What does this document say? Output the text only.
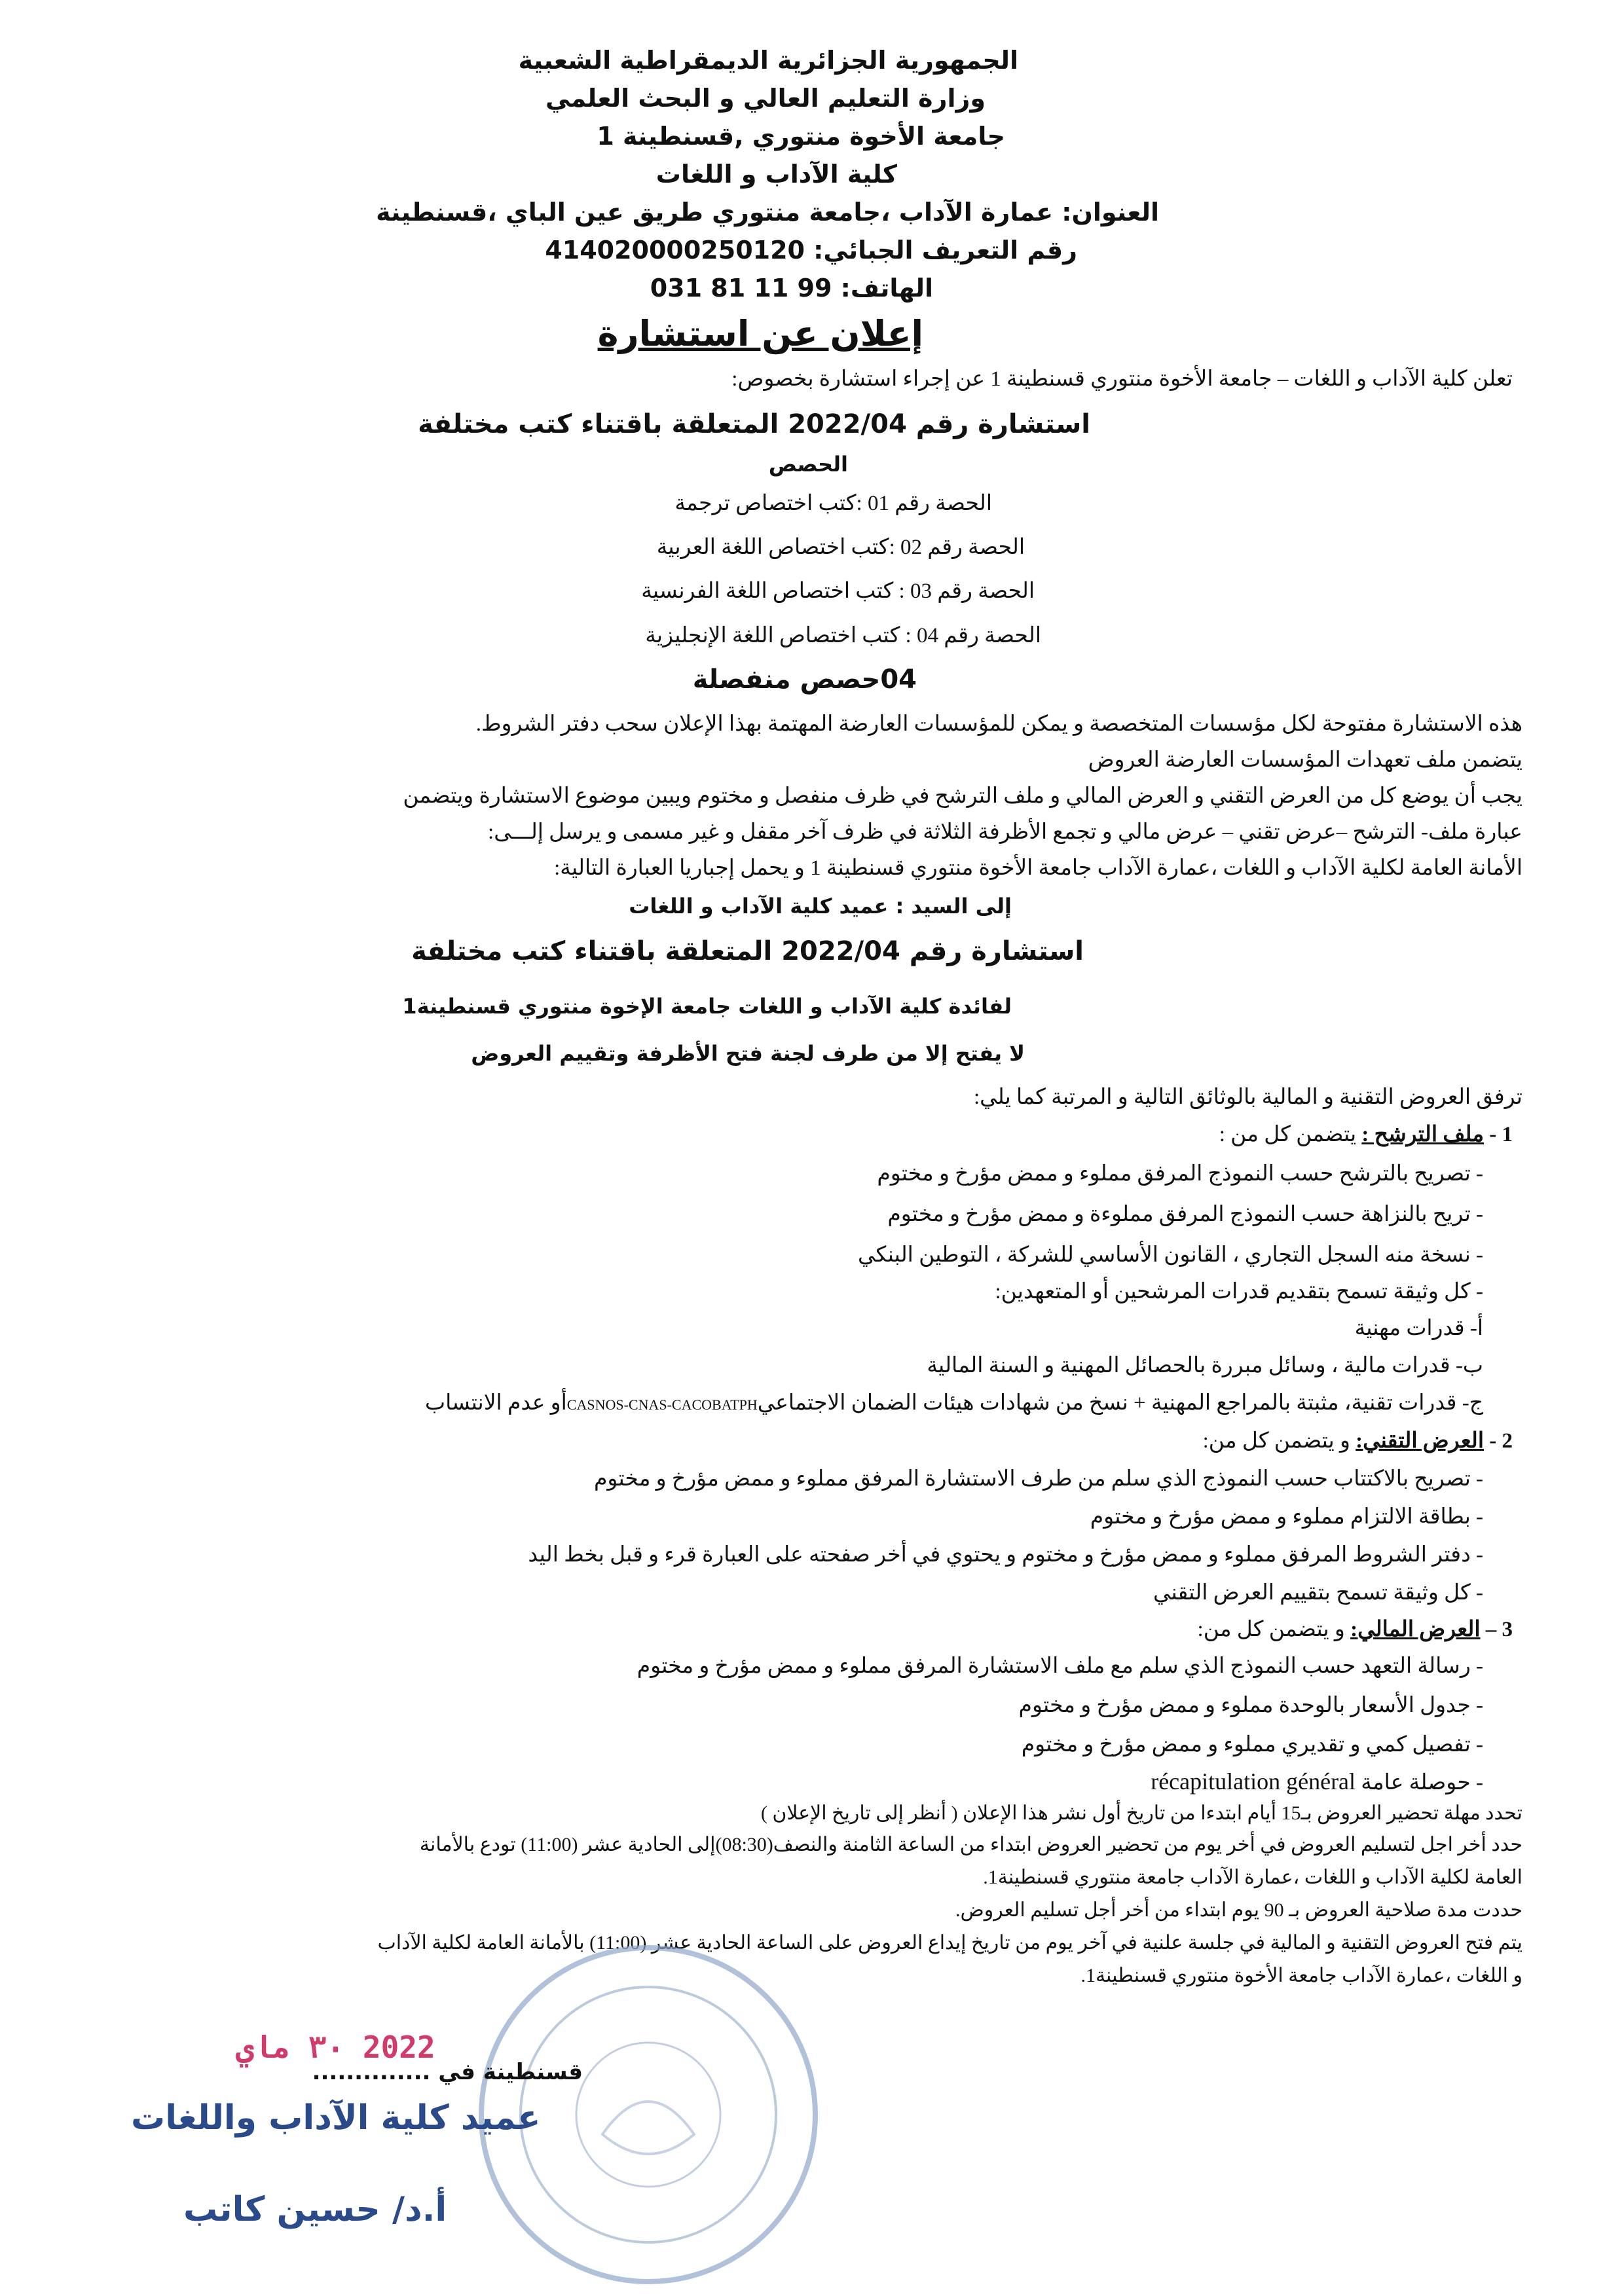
الجمهورية الجزائرية الديمقراطية الشعبية
وزارة التعليم العالي و البحث العلمي
جامعة الأخوة منتوري ,قسنطينة 1
كلية الآداب و اللغات
العنوان: عمارة الآداب ،جامعة منتوري طريق عين الباي ،قسنطينة
رقم التعريف الجبائي: 414020000250120
الهاتف: 99 11 81 031
إعلان عن استشارة
تعلن كلية الآداب و اللغات – جامعة الأخوة منتوري قسنطينة 1 عن إجراء استشارة بخصوص:
استشارة رقم 2022/04 المتعلقة باقتناء كتب مختلفة
الحصص
الحصة رقم 01 :كتب اختصاص ترجمة
الحصة رقم 02 :كتب اختصاص اللغة العربية
الحصة رقم 03 : كتب اختصاص اللغة الفرنسية
الحصة رقم 04 : كتب اختصاص اللغة الإنجليزية
04حصص منفصلة
هذه الاستشارة مفتوحة لكل مؤسسات المتخصصة و يمكن للمؤسسات العارضة المهتمة بهذا الإعلان سحب دفتر الشروط.
يتضمن ملف تعهدات المؤسسات العارضة العروض
يجب أن يوضع كل من العرض التقني و العرض المالي و ملف الترشح في ظرف منفصل و مختوم ويبين موضوع الاستشارة ويتضمن
عبارة ملف- الترشح –عرض تقني – عرض مالي و تجمع الأظرفة الثلاثة في ظرف آخر مقفل و غير مسمى و يرسل إلـــى:
الأمانة العامة لكلية الآداب و اللغات ،عمارة الآداب جامعة الأخوة منتوري قسنطينة 1 و يحمل إجباريا العبارة التالية:
إلى السيد : عميد كلية الآداب و اللغات
استشارة رقم 2022/04 المتعلقة باقتناء كتب مختلفة
لفائدة كلية الآداب و اللغات جامعة الإخوة منتوري قسنطينة1
لا يفتح إلا من طرف لجنة فتح الأظرفة وتقييم العروض
ترفق العروض التقنية و المالية بالوثائق التالية و المرتبة كما يلي:
1 - ملف الترشح : يتضمن كل من :
- تصريح بالترشح حسب النموذج المرفق مملوء و ممض مؤرخ و مختوم
- تريح بالنزاهة حسب النموذج المرفق مملوءة و ممض مؤرخ و مختوم
- نسخة منه السجل التجاري ، القانون الأساسي للشركة ، التوطين البنكي
- كل وثيقة تسمح بتقديم قدرات المرشحين أو المتعهدين:
أ- قدرات مهنية
ب- قدرات مالية ، وسائل مبررة بالحصائل المهنية و السنة المالية
ج- قدرات تقنية، مثبتة بالمراجع المهنية + نسخ من شهادات هيئات الضمان الاجتماعيCASNOS-CNAS-CACOBATPHأو عدم الانتساب
2 - العرض التقني: و يتضمن كل من:
- تصريح بالاكتتاب حسب النموذج الذي سلم من طرف الاستشارة المرفق مملوء و ممض مؤرخ و مختوم
- بطاقة الالتزام مملوء و ممض مؤرخ و مختوم
- دفتر الشروط المرفق مملوء و ممض مؤرخ و مختوم و يحتوي في أخر صفحته على العبارة قرء و قبل بخط اليد
- كل وثيقة تسمح بتقييم العرض التقني
3 – العرض المالي: و يتضمن كل من:
- رسالة التعهد حسب النموذج الذي سلم مع ملف الاستشارة المرفق مملوء و ممض مؤرخ و مختوم
- جدول الأسعار بالوحدة مملوء و ممض مؤرخ و مختوم
- تفصيل كمي و تقديري مملوء و ممض مؤرخ و مختوم
- حوصلة عامة récapitulation général
تحدد مهلة تحضير العروض بـ15 أيام ابتدءا من تاريخ أول نشر هذا الإعلان ( أنظر إلى تاريخ الإعلان )
حدد أخر اجل لتسليم العروض في أخر يوم من تحضير العروض ابتداء من الساعة الثامنة والنصف(08:30)إلى الحادية عشر (11:00) تودع بالأمانة
العامة لكلية الآداب و اللغات ،عمارة الآداب جامعة منتوري قسنطينة1.
حددت مدة صلاحية العروض بـ 90 يوم ابتداء من أخر أجل تسليم العروض.
يتم فتح العروض التقنية و المالية في جلسة علنية في آخر يوم من تاريخ إيداع العروض على الساعة الحادية عشر (11:00) بالأمانة العامة لكلية الآداب
و اللغات ،عمارة الآداب جامعة الأخوة منتوري قسنطينة1.
قسنطينة في ..............
2022 ٣٠ ماي
عميد كلية الآداب واللغات
أ.د/ حسين كاتب
